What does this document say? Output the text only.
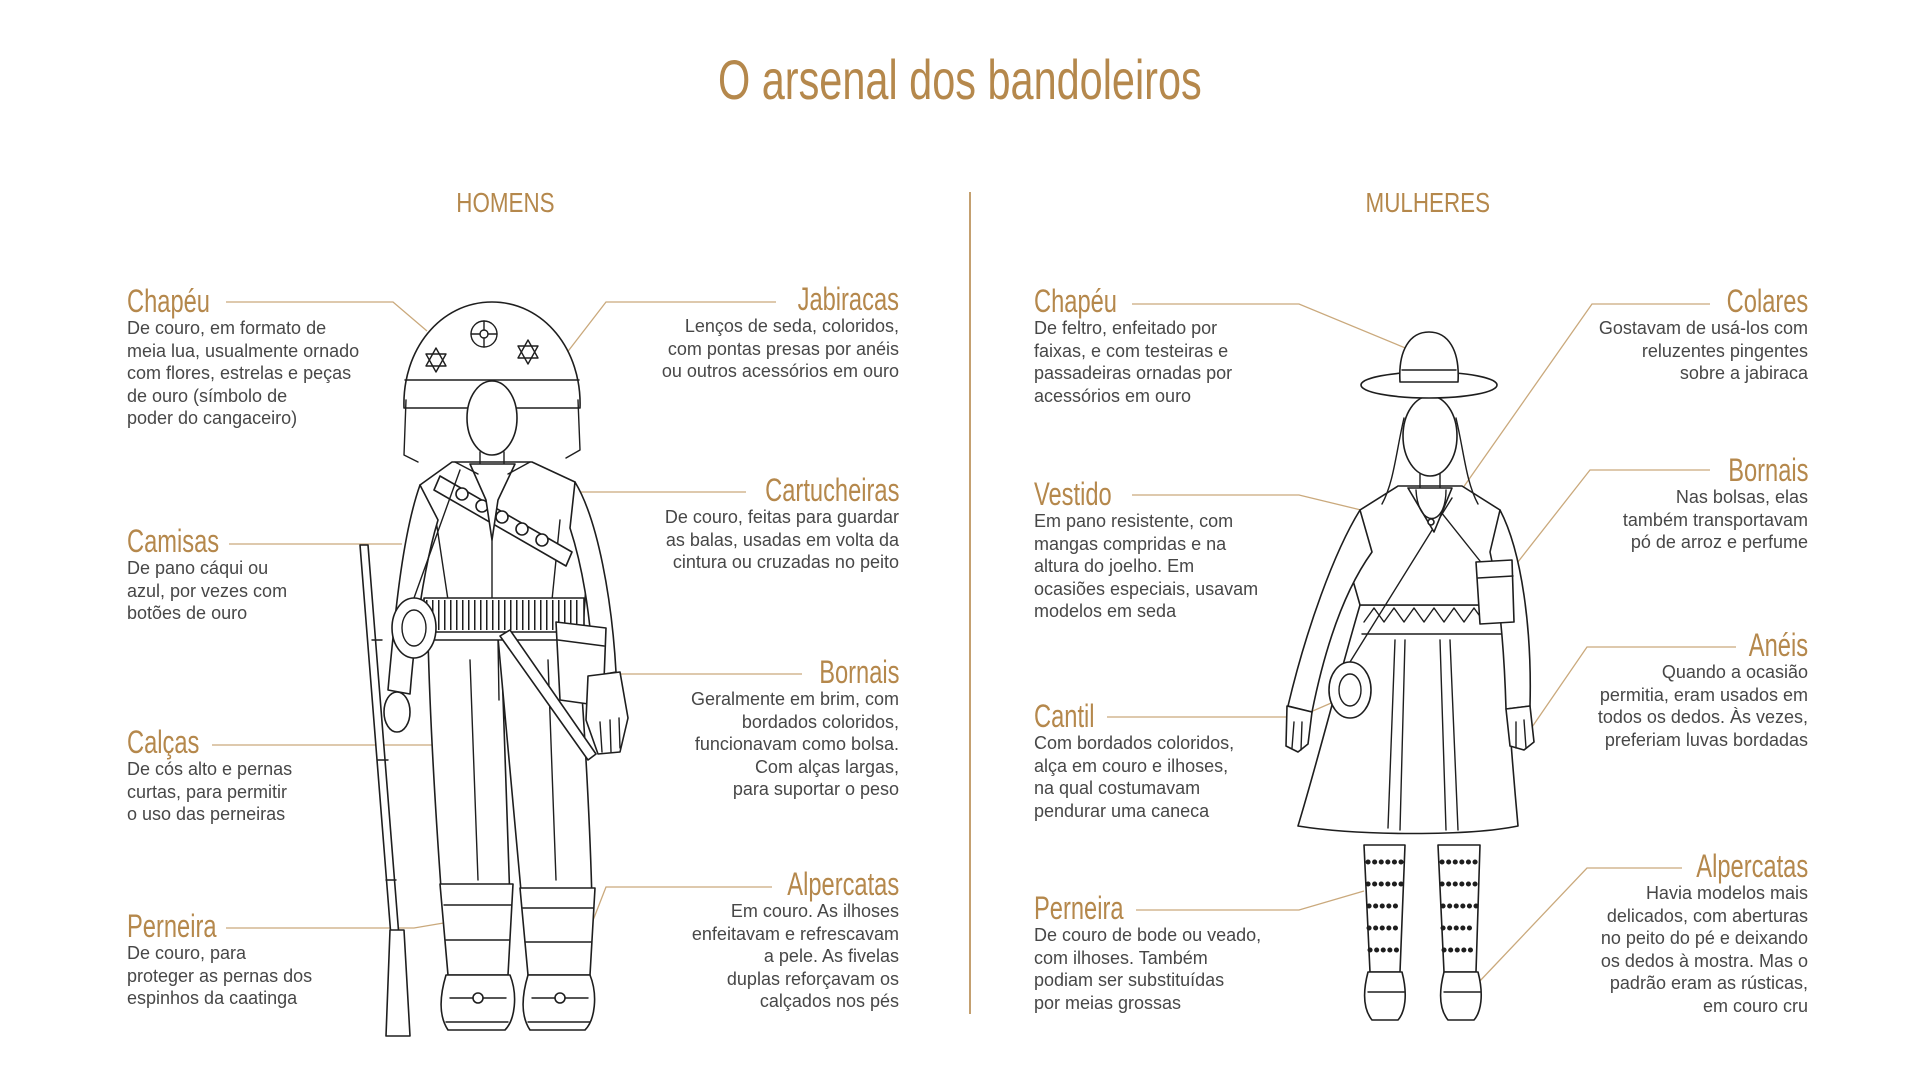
O arsenal dos bandoleiros
HOMENS	MULHERES
Chapéu
De couro, em formato de
meia lua, usualmente ornado
com flores, estrelas e peças
de ouro (símbolo de
poder do cangaceiro)
Camisas
De pano cáqui ou
azul, por vezes com
botões de ouro
Calças
De cós alto e pernas
curtas, para permitir
o uso das perneiras
Perneira
De couro, para
proteger as pernas dos
espinhos da caatinga
Jabiracas
Lenços de seda, coloridos,
com pontas presas por anéis
ou outros acessórios em ouro
Cartucheiras
De couro, feitas para guardar
as balas, usadas em volta da
cintura ou cruzadas no peito
Bornais
Geralmente em brim, com
bordados coloridos,
funcionavam como bolsa.
Com alças largas,
para suportar o peso
Alpercatas
Em couro. As ilhoses
enfeitavam e refrescavam
a pele. As fivelas
duplas reforçavam os
calçados nos pés
Chapéu
De feltro, enfeitado por
faixas, e com testeiras e
passadeiras ornadas por
acessórios em ouro
Vestido
Em pano resistente, com
mangas compridas e na
altura do joelho. Em
ocasiões especiais, usavam
modelos em seda
Cantil
Com bordados coloridos,
alça em couro e ilhoses,
na qual costumavam
pendurar uma caneca
Perneira
De couro de bode ou veado,
com ilhoses. Também
podiam ser substituídas
por meias grossas
Colares
Gostavam de usá-los com
reluzentes pingentes
sobre a jabiraca
Bornais
Nas bolsas, elas
também transportavam
pó de arroz e perfume
Anéis
Quando a ocasião
permitia, eram usados em
todos os dedos. Às vezes,
preferiam luvas bordadas
Alpercatas
Havia modelos mais
delicados, com aberturas
no peito do pé e deixando
os dedos à mostra. Mas o
padrão eram as rústicas,
em couro cru
